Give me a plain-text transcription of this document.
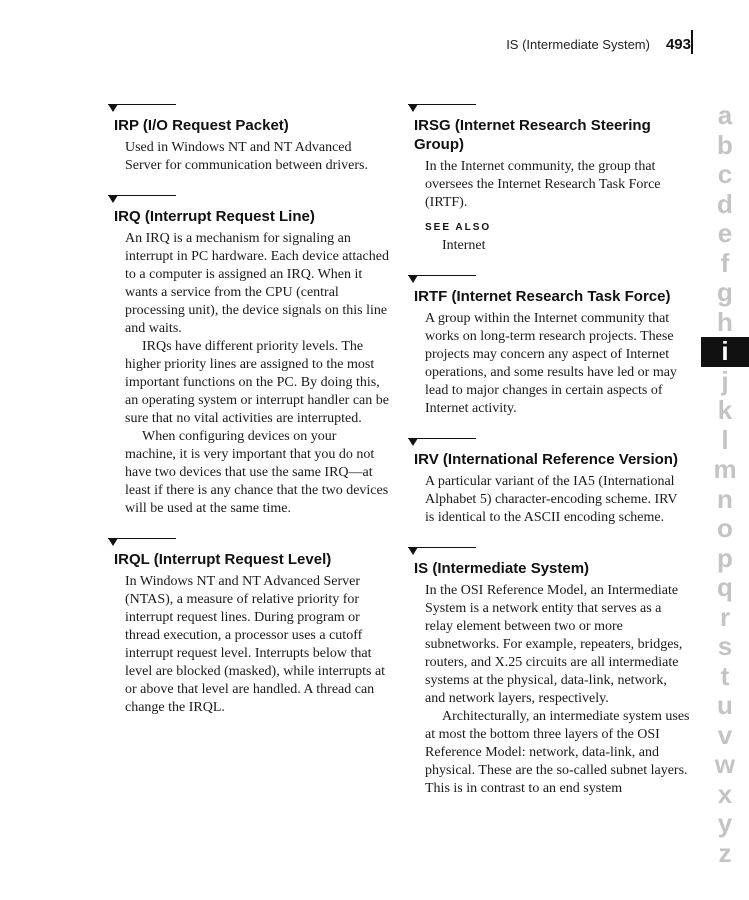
IS (Intermediate System) 493
IRP (I/O Request Packet)

Used in Windows NT and NT Advanced Server for communication between drivers.

IRQ (Interrupt Request Line)

An IRQ is a mechanism for signaling an interrupt in PC hardware. Each device attached to a computer is assigned an IRQ. When it wants a service from the CPU (central processing unit), the device signals on this line and waits.

IRQs have different priority levels. The higher priority lines are assigned to the most important functions on the PC. By doing this, an operating system or interrupt handler can be sure that no vital activities are interrupted.

When configuring devices on your machine, it is very important that you do not have two devices that use the same IRQ—at least if there is any chance that the two devices will be used at the same time.

IRQL (Interrupt Request Level)

In Windows NT and NT Advanced Server (NTAS), a measure of relative priority for interrupt request lines. During program or thread execution, a processor uses a cutoff interrupt request level. Interrupts below that level are blocked (masked), while interrupts at or above that level are handled. A thread can change the IRQL.

IRSG (Internet Research Steering Group)

In the Internet community, the group that oversees the Internet Research Task Force (IRTF).

SEE ALSO
Internet
IRTF (Internet Research Task Force)

A group within the Internet community that works on long-term research projects. These projects may concern any aspect of Internet operations, and some results have led or may lead to major changes in certain aspects of Internet activity.

IRV (International Reference Version)

A particular variant of the IA5 (International Alphabet 5) character-encoding scheme. IRV is identical to the ASCII encoding scheme.

IS (Intermediate System)

In the OSI Reference Model, an Intermediate System is a network entity that serves as a relay element between two or more subnetworks. For example, repeaters, bridges, routers, and X.25 circuits are all intermediate systems at the physical, data-link, network, and network layers, respectively.

Architecturally, an intermediate system uses at most the bottom three layers of the OSI Reference Model: network, data-link, and physical. These are the so-called subnet layers. This is in contrast to an end system

a
b
c
d
e
f
g
h
i
j
k
l
m
n
o
p
q
r
s
t
u
v
w
x
y
z
